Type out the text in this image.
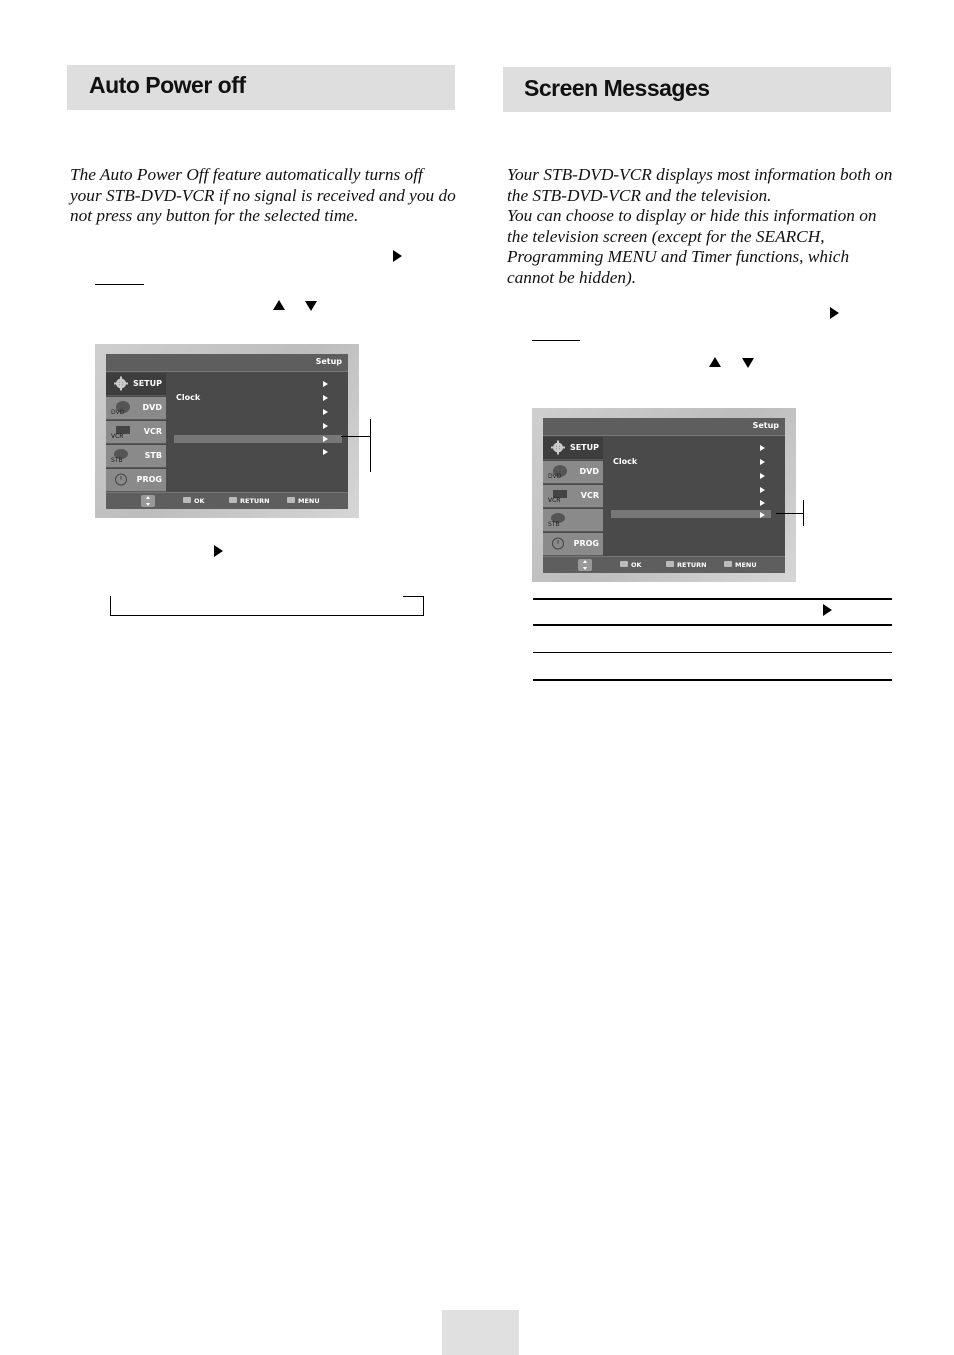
Auto Power off
The Auto Power Off feature automatically turns off
your STB-DVD-VCR if no signal is received and you do
not press any button for the selected time.
Setup
SETUP
DVD
DVD
VCR
VCR
STB
STB
PROG
Clock
OK	RETURN	MENU
Screen Messages
Your STB-DVD-VCR displays most information both on
the STB-DVD-VCR and the television.
You can choose to display or hide this information on
the television screen (except for the SEARCH,
Programming MENU and Timer functions, which
cannot be hidden).
Setup
SETUP
DVD
DVD
VCR
VCR
STB
PROG
Clock
OK	RETURN	MENU
